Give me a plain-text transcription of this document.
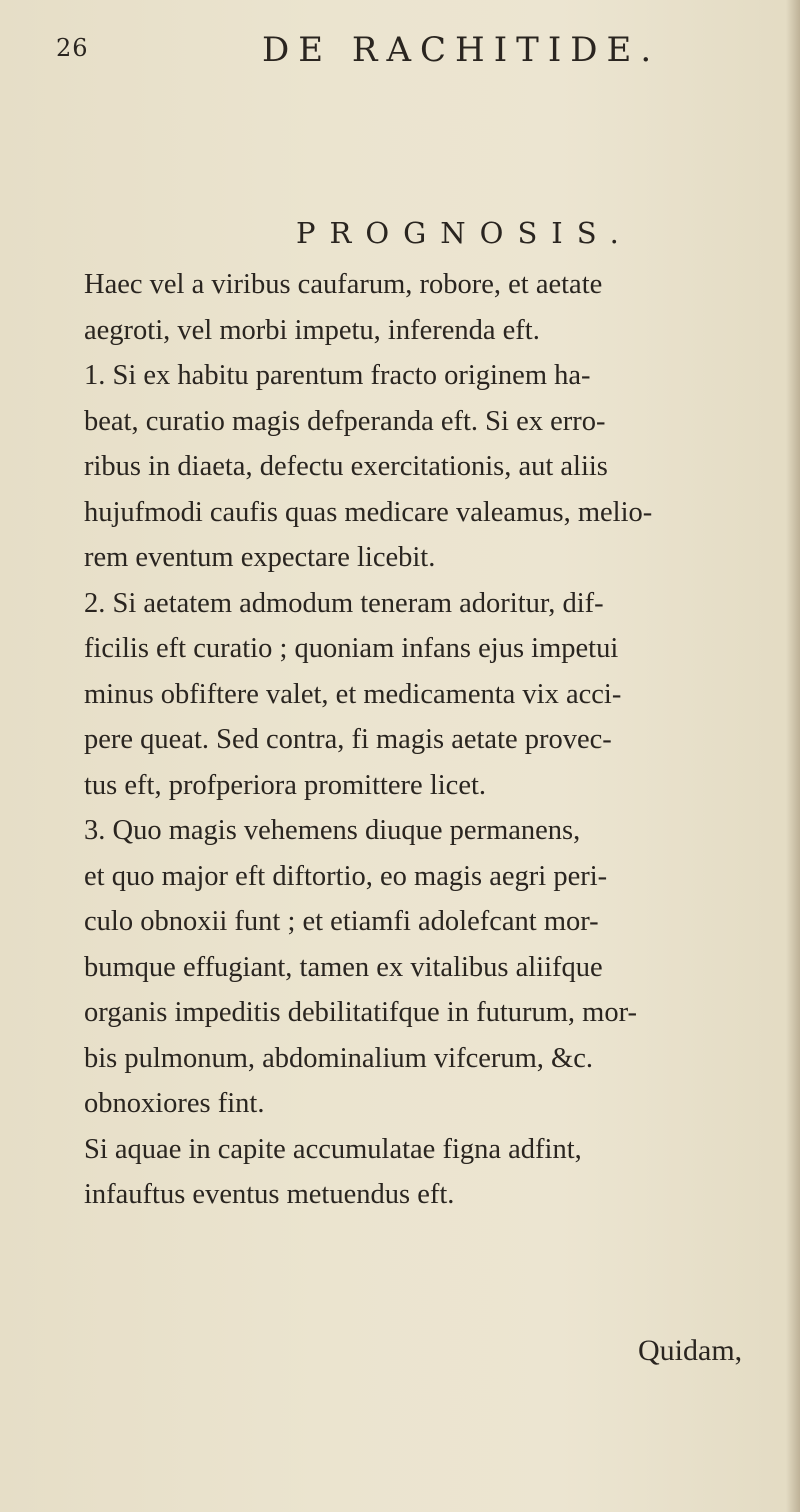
26	DE RACHITIDE.
PROGNOSIS.
Haec vel a viribus caufarum, robore, et aetate
aegroti, vel morbi impetu, inferenda eft.
1. Si ex habitu parentum fracto originem ha-
beat, curatio magis defperanda eft. Si ex erro-
ribus in diaeta, defectu exercitationis, aut aliis
hujufmodi caufis quas medicare valeamus, melio-
rem eventum expectare licebit.
2. Si aetatem admodum teneram adoritur, dif-
ficilis eft curatio ; quoniam infans ejus impetui
minus obfiftere valet, et medicamenta vix acci-
pere queat. Sed contra, fi magis aetate provec-
tus eft, profperiora promittere licet.
3. Quo magis vehemens diuque permanens,
et quo major eft diftortio, eo magis aegri peri-
culo obnoxii funt ; et etiamfi adolefcant mor-
bumque effugiant, tamen ex vitalibus aliifque
organis impeditis debilitatifque in futurum, mor-
bis pulmonum, abdominalium vifcerum, &c.
obnoxiores fint.
Si aquae in capite accumulatae figna adfint,
infauftus eventus metuendus eft.
Quidam,
